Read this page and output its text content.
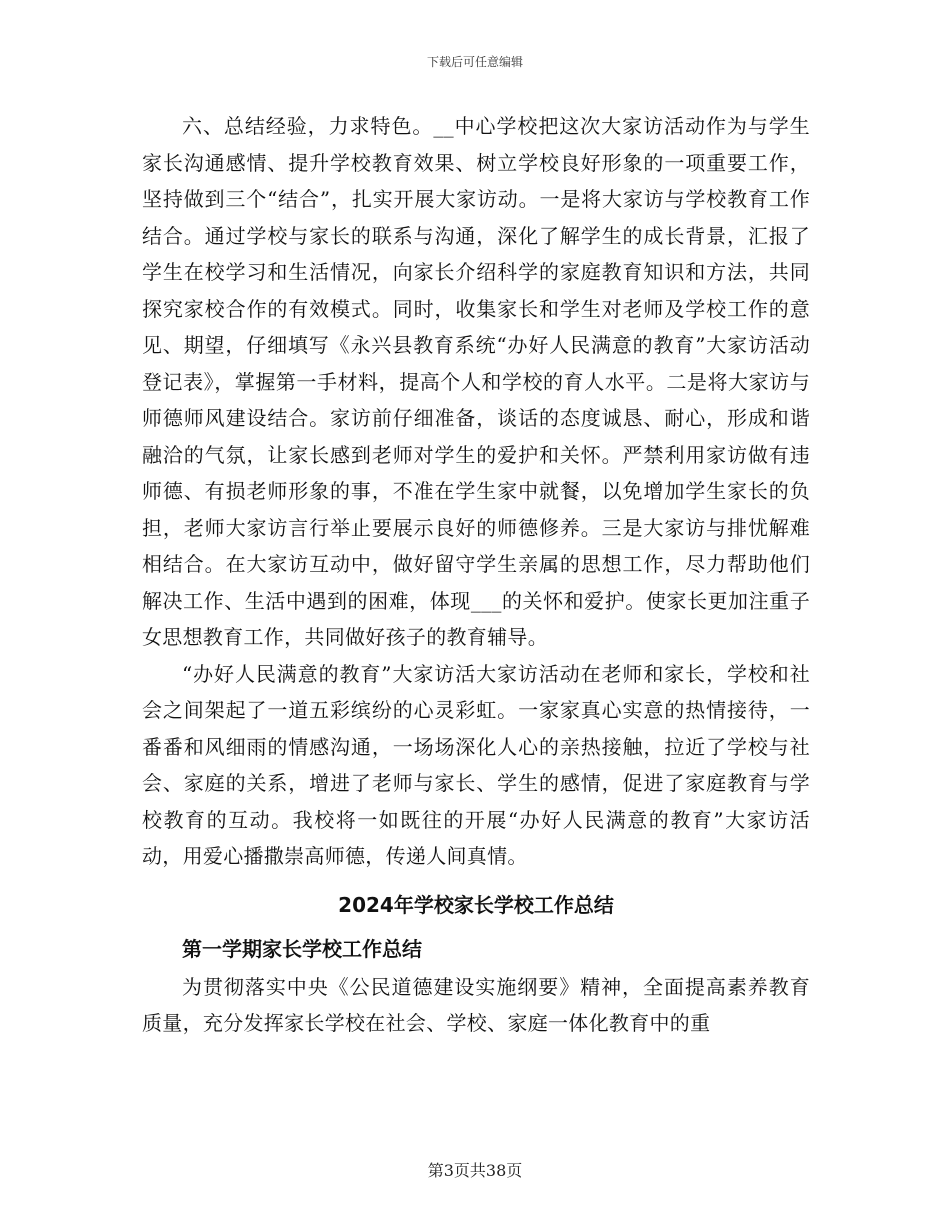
下载后可任意编辑

六、总结经验，力求特色。__中心学校把这次大家访活动作为与学生家长沟通感情、提升学校教育效果、树立学校良好形象的一项重要工作，坚持做到三个“结合”，扎实开展大家访动。一是将大家访与学校教育工作结合。通过学校与家长的联系与沟通，深化了解学生的成长背景，汇报了学生在校学习和生活情况，向家长介绍科学的家庭教育知识和方法，共同探究家校合作的有效模式。同时，收集家长和学生对老师及学校工作的意见、期望，仔细填写《永兴县教育系统“办好人民满意的教育”大家访活动登记表》，掌握第一手材料，提高个人和学校的育人水平。二是将大家访与师德师风建设结合。家访前仔细准备，谈话的态度诚恳、耐心，形成和谐融洽的气氛，让家长感到老师对学生的爱护和关怀。严禁利用家访做有违师德、有损老师形象的事，不准在学生家中就餐，以免增加学生家长的负担，老师大家访言行举止要展示良好的师德修养。三是大家访与排忧解难相结合。在大家访互动中，做好留守学生亲属的思想工作，尽力帮助他们解决工作、生活中遇到的困难，体现___的关怀和爱护。使家长更加注重子女思想教育工作，共同做好孩子的教育辅导。

“办好人民满意的教育”大家访活大家访活动在老师和家长，学校和社会之间架起了一道五彩缤纷的心灵彩虹。一家家真心实意的热情接待，一番番和风细雨的情感沟通，一场场深化人心的亲热接触，拉近了学校与社会、家庭的关系，增进了老师与家长、学生的感情，促进了家庭教育与学校教育的互动。我校将一如既往的开展“办好人民满意的教育”大家访活动，用爱心播撒崇高师德，传递人间真情。

2024年学校家长学校工作总结
第一学期家长学校工作总结

为贯彻落实中央《公民道德建设实施纲要》精神，全面提高素养教育质量，充分发挥家长学校在社会、学校、家庭一体化教育中的重

第3页共38页
